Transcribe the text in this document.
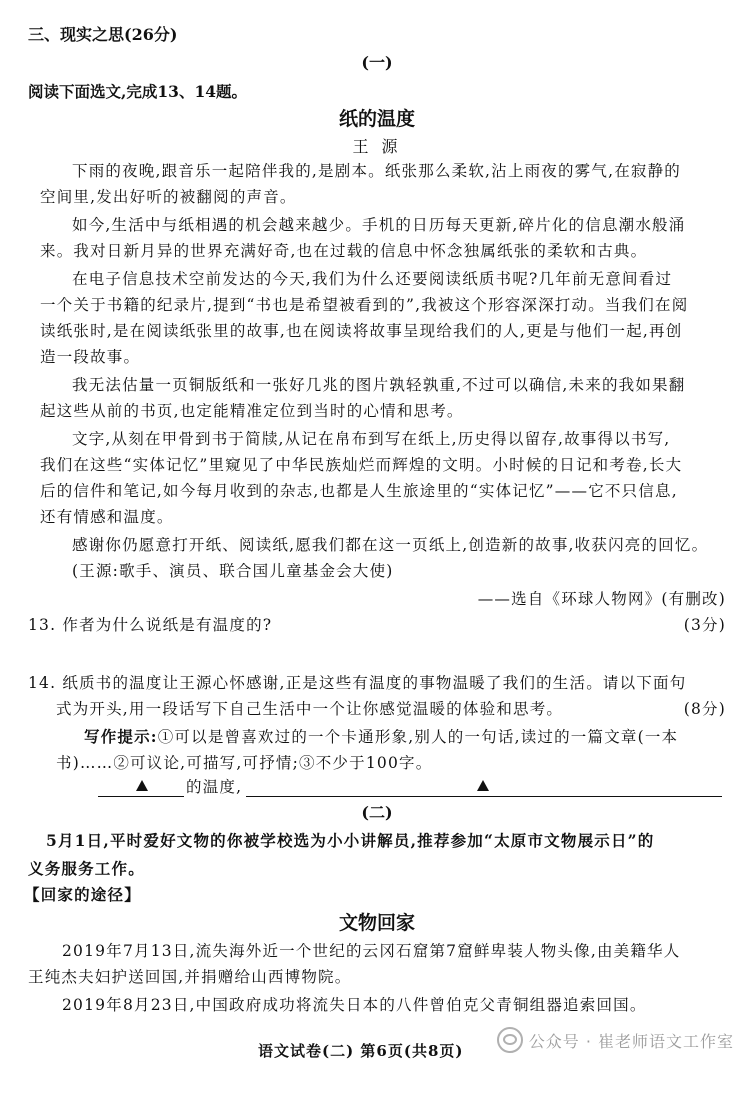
三、现实之思(26分)

(一)

阅读下面选文,完成13、14题。

纸的温度

王 源

下雨的夜晚,跟音乐一起陪伴我的,是剧本。纸张那么柔软,沾上雨夜的雾气,在寂静的

空间里,发出好听的被翻阅的声音。

如今,生活中与纸相遇的机会越来越少。手机的日历每天更新,碎片化的信息潮水般涌

来。我对日新月异的世界充满好奇,也在过载的信息中怀念独属纸张的柔软和古典。

在电子信息技术空前发达的今天,我们为什么还要阅读纸质书呢?几年前无意间看过

一个关于书籍的纪录片,提到“书也是希望被看到的”,我被这个形容深深打动。当我们在阅

读纸张时,是在阅读纸张里的故事,也在阅读将故事呈现给我们的人,更是与他们一起,再创

造一段故事。

我无法估量一页铜版纸和一张好几兆的图片孰轻孰重,不过可以确信,未来的我如果翻

起这些从前的书页,也定能精准定位到当时的心情和思考。

文字,从刻在甲骨到书于简牍,从记在帛布到写在纸上,历史得以留存,故事得以书写,

我们在这些“实体记忆”里窥见了中华民族灿烂而辉煌的文明。小时候的日记和考卷,长大

后的信件和笔记,如今每月收到的杂志,也都是人生旅途里的“实体记忆”——它不只信息,

还有情感和温度。

感谢你仍愿意打开纸、阅读纸,愿我们都在这一页纸上,创造新的故事,收获闪亮的回忆。

(王源:歌手、演员、联合国儿童基金会大使)

——选自《环球人物网》(有删改)

13. 作者为什么说纸是有温度的?	(3分)

14. 纸质书的温度让王源心怀感谢,正是这些有温度的事物温暖了我们的生活。请以下面句

式为开头,用一段话写下自己生活中一个让你感觉温暖的体验和思考。	(8分)

写作提示:①可以是曾喜欢过的一个卡通形象,别人的一句话,读过的一篇文章(一本

书)……②可议论,可描写,可抒情;③不少于100字。

的温度,

(二)

5月1日,平时爱好文物的你被学校选为小小讲解员,推荐参加“太原市文物展示日”的

义务服务工作。

【回家的途径】

文物回家

2019年7月13日,流失海外近一个世纪的云冈石窟第7窟鲜卑装人物头像,由美籍华人

王纯杰夫妇护送回国,并捐赠给山西博物院。

2019年8月23日,中国政府成功将流失日本的八件曾伯克父青铜组器追索回国。

语文试卷(二) 第6页(共8页)

公众号 · 崔老师语文工作室
